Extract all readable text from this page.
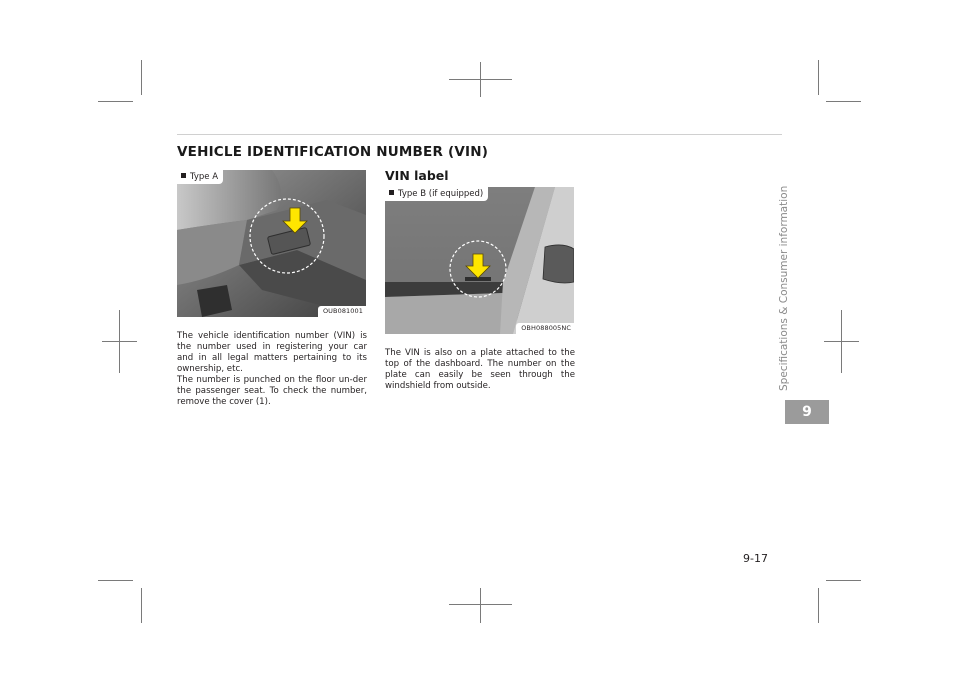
VEHICLE IDENTIFICATION NUMBER (VIN)
Type A
OUB081001

The vehicle identification number (VIN) is the number used in registering your car and in all legal matters pertaining to its ownership, etc.
The number is punched on the floor un-der the passenger seat. To check the number, remove the cover (1).

VIN label
Type B (if equipped)
OBH088005NC

The VIN is also on a plate attached to the top of the dashboard. The number on the plate can easily be seen through the windshield from outside.	Specifications & Consumer information
9
9-17
